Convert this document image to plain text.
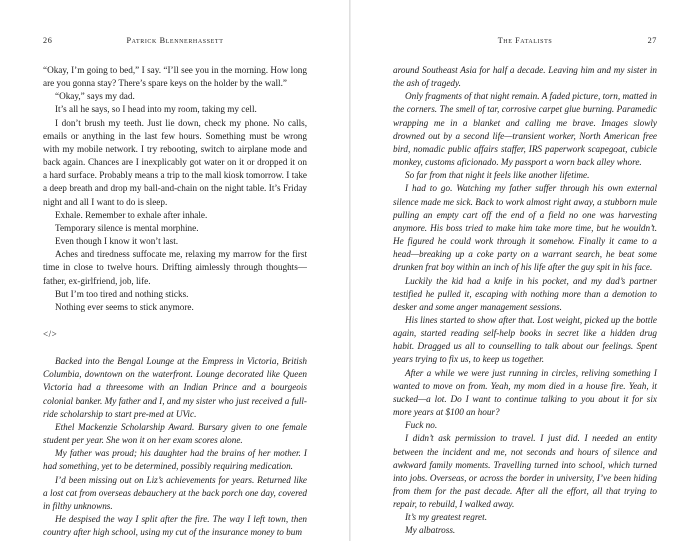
26	Patrick Blennerhassett

“Okay, I’m going to bed,” I say. “I’ll see you in the morning. How long are you gonna stay? There’s spare keys on the holder by the wall.”

“Okay,” says my dad.

It’s all he says, so I head into my room, taking my cell.

I don’t brush my teeth. Just lie down, check my phone. No calls, emails or anything in the last few hours. Something must be wrong with my mobile network. I try rebooting, switch to airplane mode and back again. Chances are I inexplicably got water on it or dropped it on a hard surface. Probably means a trip to the mall kiosk tomorrow. I take a deep breath and drop my ball-and-chain on the night table. It’s Friday night and all I want to do is sleep.

Exhale. Remember to exhale after inhale.

Temporary silence is mental morphine.

Even though I know it won’t last.

Aches and tiredness suffocate me, relaxing my marrow for the first time in close to twelve hours. Drifting aimlessly through thoughts—father, ex-girlfriend, job, life.

But I’m too tired and nothing sticks.

Nothing ever seems to stick anymore.

</>

Backed into the Bengal Lounge at the Empress in Victoria, British Columbia, downtown on the waterfront. Lounge decorated like Queen Victoria had a threesome with an Indian Prince and a bourgeois colonial banker. My father and I, and my sister who just received a full-ride scholarship to start pre-med at UVic.

Ethel Mackenzie Scholarship Award. Bursary given to one female student per year. She won it on her exam scores alone.

My father was proud; his daughter had the brains of her mother. I had something, yet to be determined, possibly requiring medication.

I’d been missing out on Liz’s achievements for years. Returned like a lost cat from overseas debauchery at the back porch one day, covered in filthy unknowns.

He despised the way I split after the fire. The way I left town, then country after high school, using my cut of the insurance money to bum

The Fatalists	27

around Southeast Asia for half a decade. Leaving him and my sister in the ash of tragedy.

Only fragments of that night remain. A faded picture, torn, matted in the corners. The smell of tar, corrosive carpet glue burning. Paramedic wrapping me in a blanket and calling me brave. Images slowly drowned out by a second life—transient worker, North American free bird, nomadic public affairs staffer, IRS paperwork scapegoat, cubicle monkey, customs aficionado. My passport a worn back alley whore.

So far from that night it feels like another lifetime.

I had to go. Watching my father suffer through his own external silence made me sick. Back to work almost right away, a stubborn mule pulling an empty cart off the end of a field no one was harvesting anymore. His boss tried to make him take more time, but he wouldn’t. He figured he could work through it somehow. Finally it came to a head—breaking up a coke party on a warrant search, he beat some drunken frat boy within an inch of his life after the guy spit in his face.

Luckily the kid had a knife in his pocket, and my dad’s partner testified he pulled it, escaping with nothing more than a demotion to desker and some anger management sessions.

His lines started to show after that. Lost weight, picked up the bottle again, started reading self-help books in secret like a hidden drug habit. Dragged us all to counselling to talk about our feelings. Spent years trying to fix us, to keep us together.

After a while we were just running in circles, reliving something I wanted to move on from. Yeah, my mom died in a house fire. Yeah, it sucked—a lot. Do I want to continue talking to you about it for six more years at $100 an hour?

Fuck no.

I didn’t ask permission to travel. I just did. I needed an entity between the incident and me, not seconds and hours of silence and awkward family moments. Travelling turned into school, which turned into jobs. Overseas, or across the border in university, I’ve been hiding from them for the past decade. After all the effort, all that trying to repair, to rebuild, I walked away.

It’s my greatest regret.

My albatross.
